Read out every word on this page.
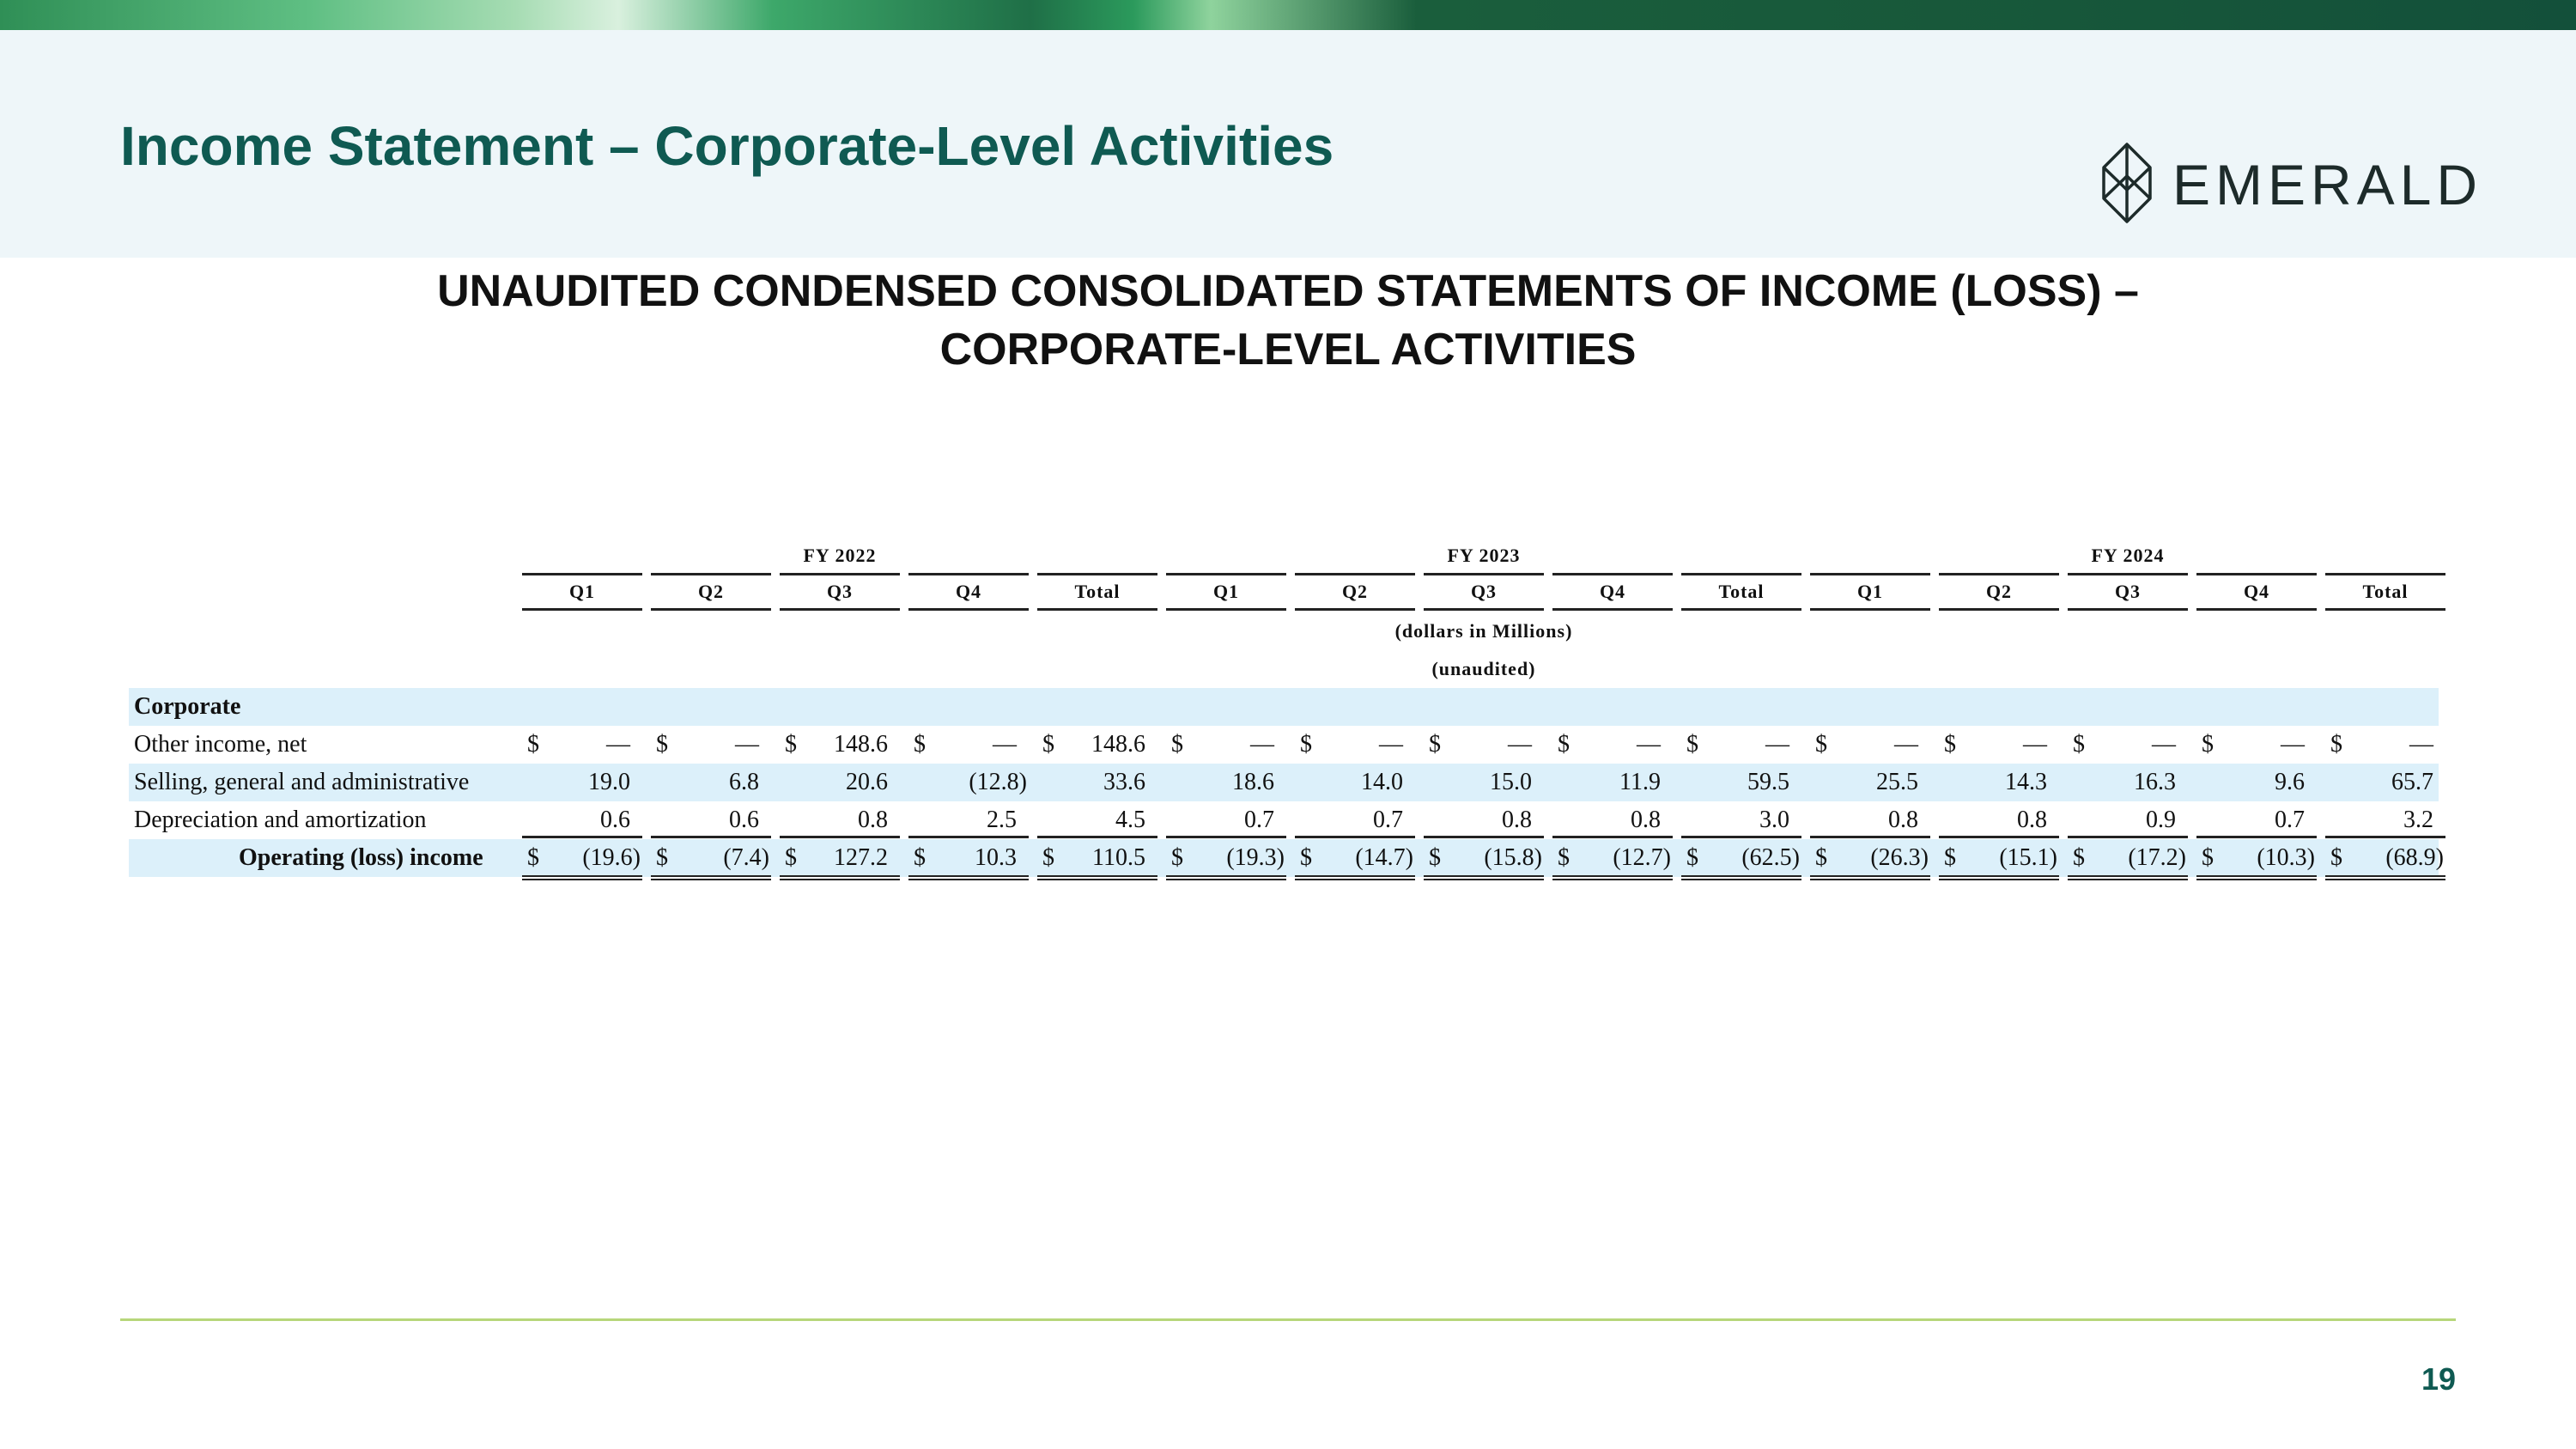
Income Statement – Corporate-Level Activities
EMERALD
UNAUDITED CONDENSED CONSOLIDATED STATEMENTS OF INCOME (LOSS) –
CORPORATE-LEVEL ACTIVITIES
FY 2022	FY 2023	FY 2024
Q1	Q2	Q3	Q4	Total	Q1	Q2	Q3	Q4	Total	Q1	Q2	Q3	Q4	Total
(dollars in Millions)
(unaudited)
Corporate
Other income, net	$	— $	— $	148.6 $	— $	148.6 $	— $	— $	— $	— $	— $	— $	— $	— $	— $	—
Selling, general and administrative	19.0	6.8	20.6	(12.8)	33.6	18.6	14.0	15.0	11.9	59.5	25.5	14.3	16.3	9.6	65.7
Depreciation and amortization	0.6	0.6	0.8	2.5	4.5	0.7	0.7	0.8	0.8	3.0	0.8	0.8	0.9	0.7	3.2
Operating (loss) income $	(19.6) $	(7.4) $	127.2 $	10.3 $	110.5 $	(19.3) $	(14.7) $	(15.8) $	(12.7) $	(62.5) $	(26.3) $	(15.1) $	(17.2) $	(10.3) $	(68.9)
19
